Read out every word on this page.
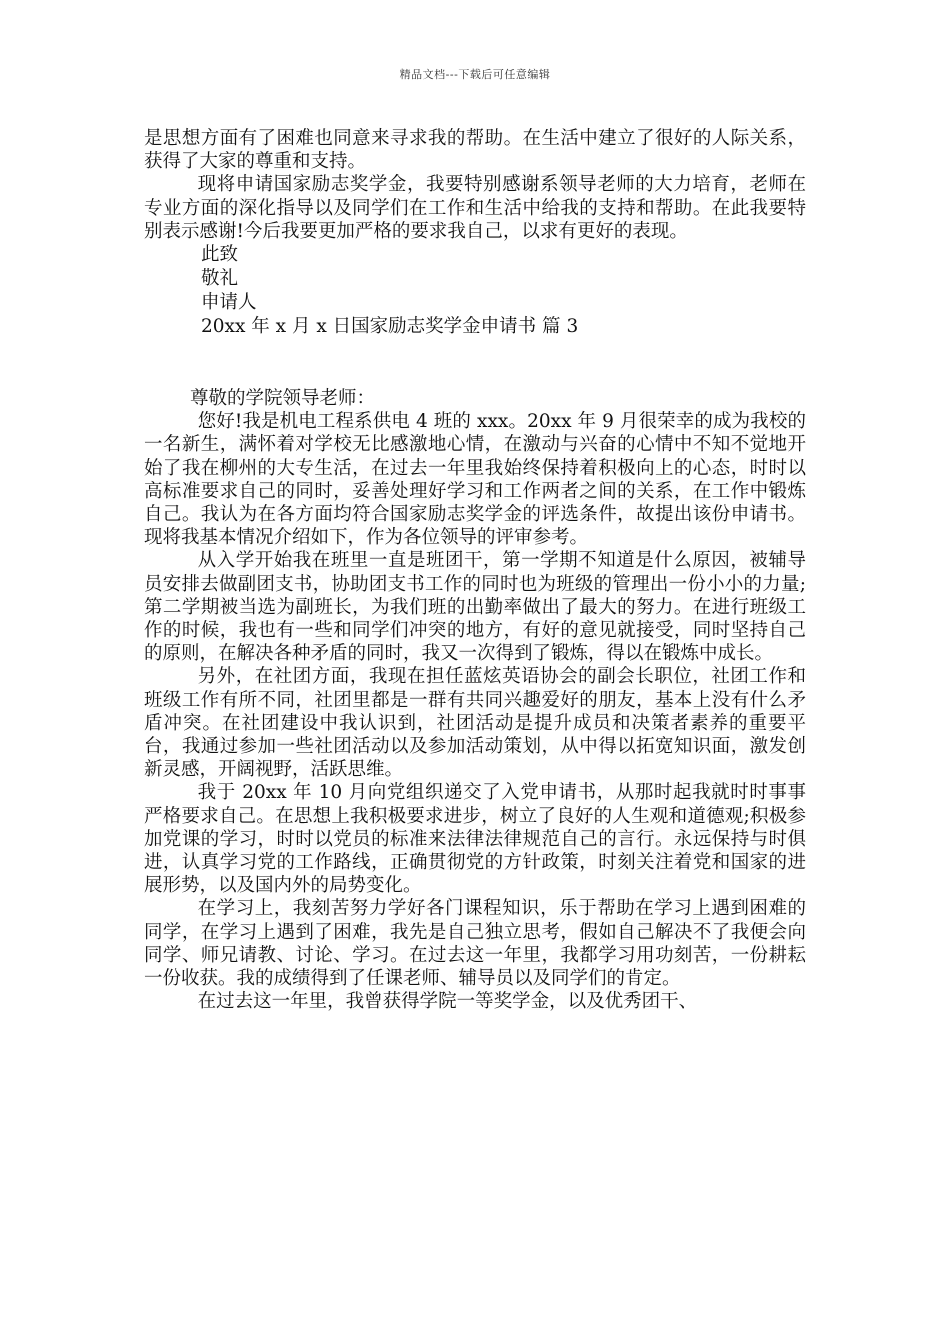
精品文档---下载后可任意编辑

是思想方面有了困难也同意来寻求我的帮助。在生活中建立了很好的人际关系，获得了大家的尊重和支持。

现将申请国家励志奖学金，我要特别感谢系领导老师的大力培育，老师在专业方面的深化指导以及同学们在工作和生活中给我的支持和帮助。在此我要特别表示感谢!今后我要更加严格的要求我自己，以求有更好的表现。

此致

敬礼

申请人

20xx 年 x 月 x 日国家励志奖学金申请书 篇 3

尊敬的学院领导老师：

您好!我是机电工程系供电 4 班的 xxx。20xx 年 9 月很荣幸的成为我校的一名新生，满怀着对学校无比感激地心情，在激动与兴奋的心情中不知不觉地开始了我在柳州的大专生活，在过去一年里我始终保持着积极向上的心态，时时以高标准要求自己的同时，妥善处理好学习和工作两者之间的关系，在工作中锻炼自己。我认为在各方面均符合国家励志奖学金的评选条件，故提出该份申请书。现将我基本情况介绍如下，作为各位领导的评审参考。

从入学开始我在班里一直是班团干，第一学期不知道是什么原因，被辅导员安排去做副团支书，协助团支书工作的同时也为班级的管理出一份小小的力量;第二学期被当选为副班长，为我们班的出勤率做出了最大的努力。在进行班级工作的时候，我也有一些和同学们冲突的地方，有好的意见就接受，同时坚持自己的原则，在解决各种矛盾的同时，我又一次得到了锻炼，得以在锻炼中成长。

另外，在社团方面，我现在担任蓝炫英语协会的副会长职位，社团工作和班级工作有所不同，社团里都是一群有共同兴趣爱好的朋友，基本上没有什么矛盾冲突。在社团建设中我认识到，社团活动是提升成员和决策者素养的重要平台，我通过参加一些社团活动以及参加活动策划，从中得以拓宽知识面，激发创新灵感，开阔视野，活跃思维。

我于 20xx 年 10 月向党组织递交了入党申请书，从那时起我就时时事事严格要求自己。在思想上我积极要求进步，树立了良好的人生观和道德观;积极参加党课的学习，时时以党员的标准来法律法律规范自己的言行。永远保持与时俱进，认真学习党的工作路线，正确贯彻党的方针政策，时刻关注着党和国家的进展形势，以及国内外的局势变化。

在学习上，我刻苦努力学好各门课程知识，乐于帮助在学习上遇到困难的同学，在学习上遇到了困难，我先是自己独立思考，假如自己解决不了我便会向同学、师兄请教、讨论、学习。在过去这一年里，我都学习用功刻苦，一份耕耘一份收获。我的成绩得到了任课老师、辅导员以及同学们的肯定。

在过去这一年里，我曾获得学院一等奖学金，以及优秀团干、
